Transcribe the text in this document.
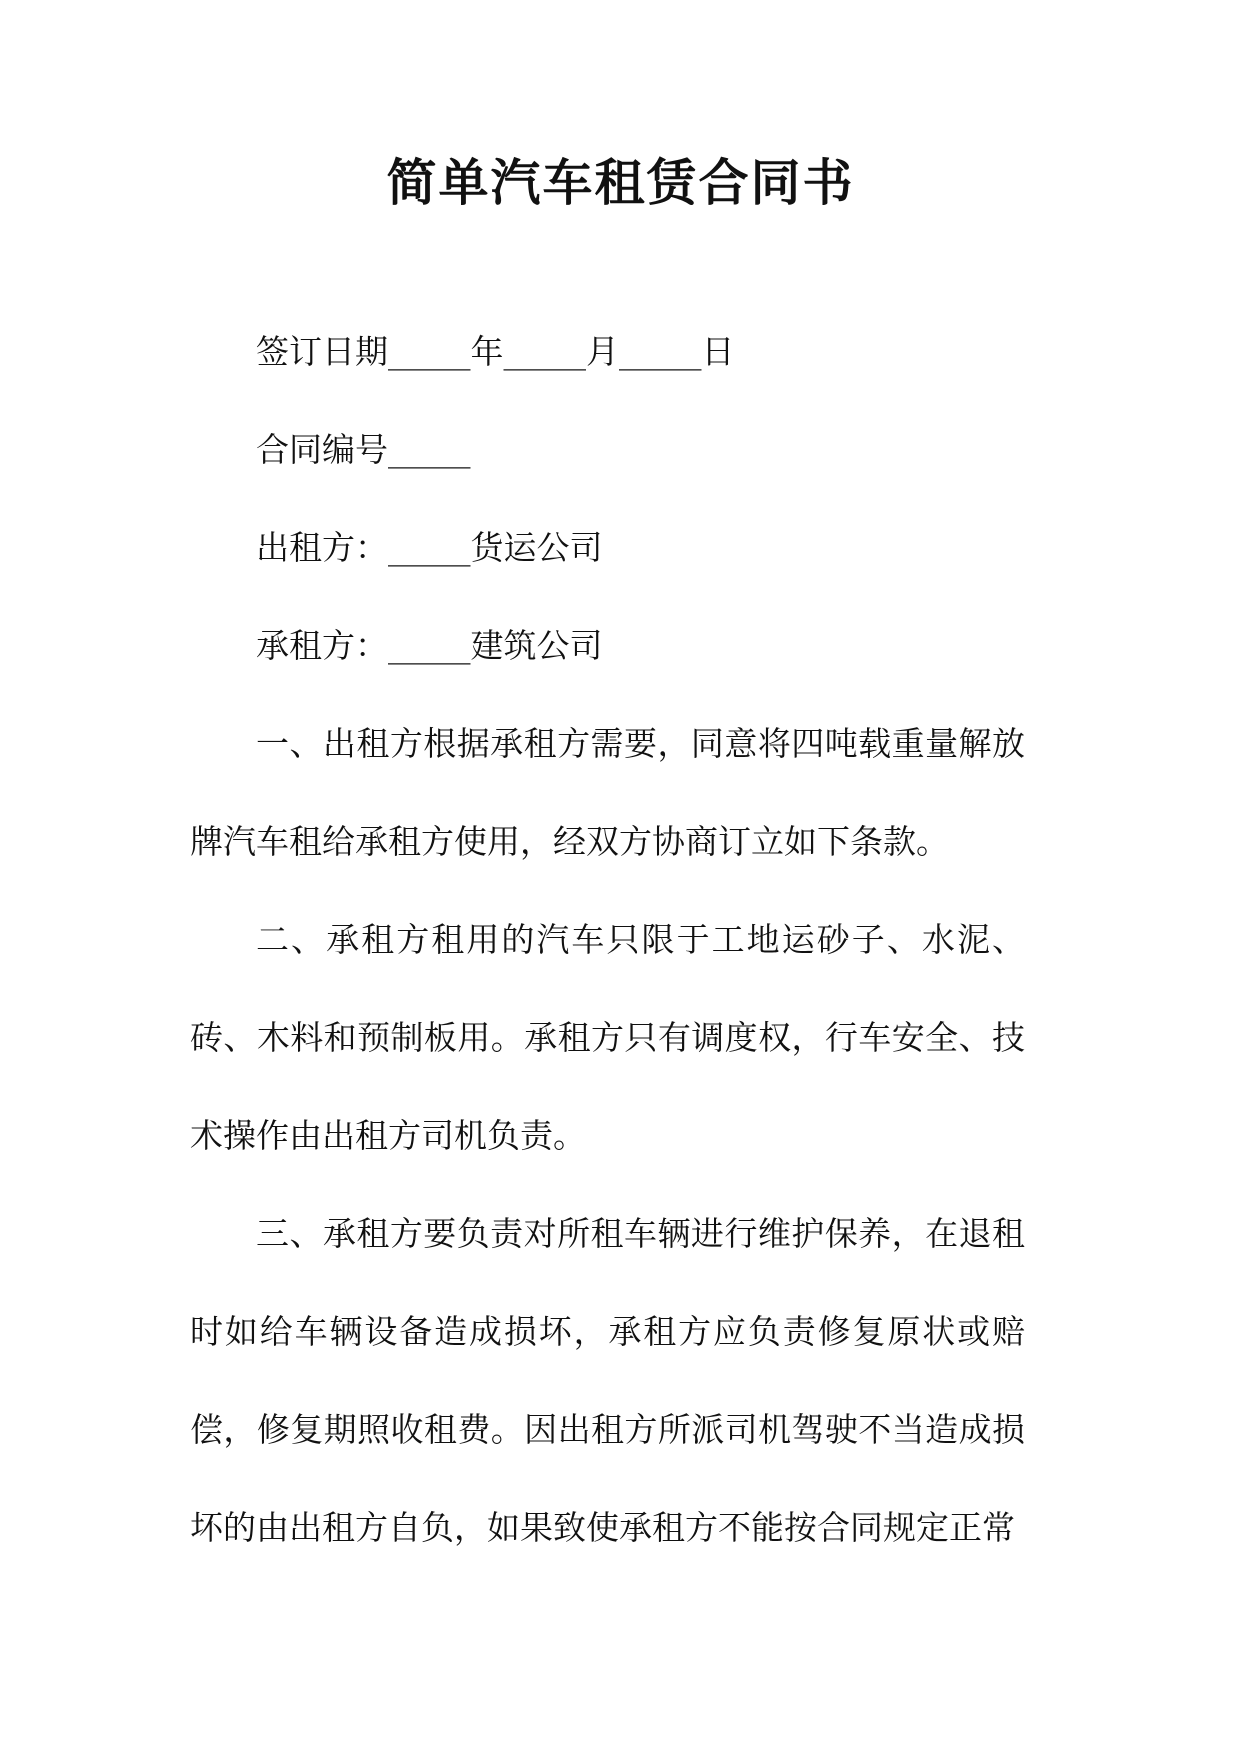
简单汽车租赁合同书

签订日期_____年_____月_____日

合同编号_____

出租方：_____货运公司

承租方：_____建筑公司

一、出租方根据承租方需要，同意将四吨载重量解放牌汽车租给承租方使用，经双方协商订立如下条款。

二、承租方租用的汽车只限于工地运砂子、水泥、砖、木料和预制板用。承租方只有调度权，行车安全、技术操作由出租方司机负责。

三、承租方要负责对所租车辆进行维护保养，在退租时如给车辆设备造成损坏，承租方应负责修复原状或赔偿，修复期照收租费。因出租方所派司机驾驶不当造成损坏的由出租方自负，如果致使承租方不能按合同规定正常
